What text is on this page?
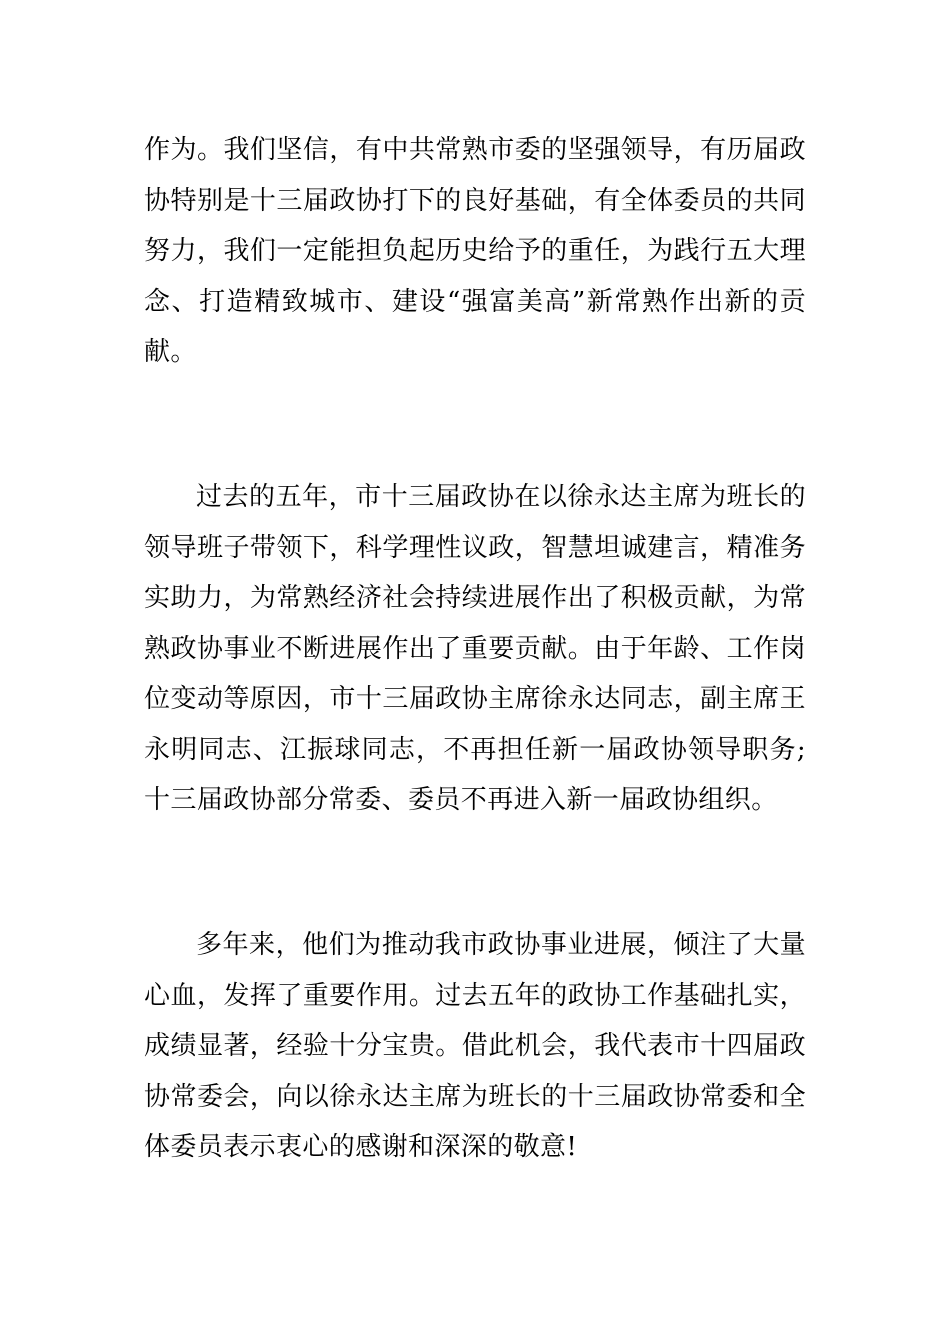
作为。我们坚信，有中共常熟市委的坚强领导，有历届政协特别是十三届政协打下的良好基础，有全体委员的共同努力，我们一定能担负起历史给予的重任，为践行五大理念、打造精致城市、建设“强富美高”新常熟作出新的贡献。

过去的五年，市十三届政协在以徐永达主席为班长的领导班子带领下，科学理性议政，智慧坦诚建言，精准务实助力，为常熟经济社会持续进展作出了积极贡献，为常熟政协事业不断进展作出了重要贡献。由于年龄、工作岗位变动等原因，市十三届政协主席徐永达同志，副主席王永明同志、江振球同志，不再担任新一届政协领导职务;十三届政协部分常委、委员不再进入新一届政协组织。

多年来，他们为推动我市政协事业进展，倾注了大量心血，发挥了重要作用。过去五年的政协工作基础扎实，成绩显著，经验十分宝贵。借此机会，我代表市十四届政协常委会，向以徐永达主席为班长的十三届政协常委和全体委员表示衷心的感谢和深深的敬意!
